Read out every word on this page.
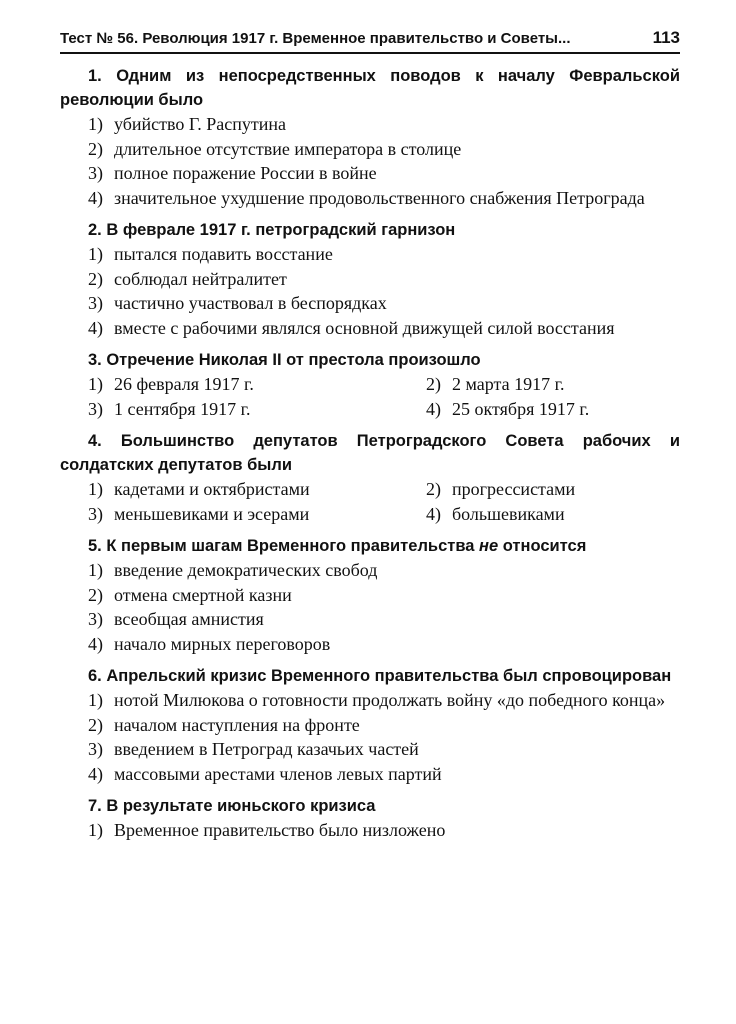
Тест № 56. Революция 1917 г. Временное правительство и Советы...	113
1. Одним из непосредственных поводов к началу Февральской революции было
1) убийство Г. Распутина
2) длительное отсутствие императора в столице
3) полное поражение России в войне
4) значительное ухудшение продовольственного снабжения Петрограда
2. В феврале 1917 г. петроградский гарнизон
1) пытался подавить восстание
2) соблюдал нейтралитет
3) частично участвовал в беспорядках
4) вместе с рабочими являлся основной движущей силой восстания
3. Отречение Николая II от престола произошло
1) 26 февраля 1917 г.	2) 2 марта 1917 г.
3) 1 сентября 1917 г.	4) 25 октября 1917 г.
4. Большинство депутатов Петроградского Совета рабочих и солдатских депутатов были
1) кадетами и октябристами	2) прогрессистами
3) меньшевиками и эсерами	4) большевиками
5. К первым шагам Временного правительства не относится
1) введение демократических свобод
2) отмена смертной казни
3) всеобщая амнистия
4) начало мирных переговоров
6. Апрельский кризис Временного правительства был спровоцирован
1) нотой Милюкова о готовности продолжать войну «до победного конца»
2) началом наступления на фронте
3) введением в Петроград казачьих частей
4) массовыми арестами членов левых партий
7. В результате июньского кризиса
1) Временное правительство было низложено
